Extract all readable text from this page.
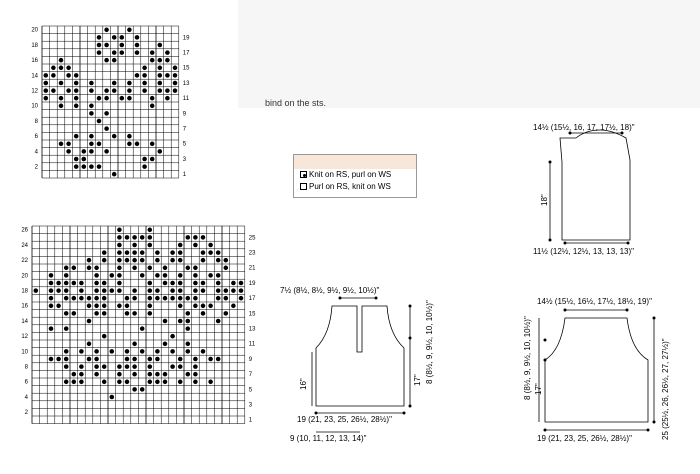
bind on the sts.
19
17
15
13
11
9
7
5
3
1
20
18
16
14
12
10
8
6
4
2
25
23
21
19
17
15
13
11
9
7
5
3
1
26
24
22
20
18
16
14
12
10
8
6
4
2
Knit on RS, purl on WS
Purl on RS, knit on WS
14½ (15½, 16, 17, 17½, 18)"
18"
11½ (12½, 12½, 13, 13, 13)"
7½ (8½, 8½, 9½, 9½, 10½)"
8 (8½, 9, 9½, 10, 10½)"
17"
16"
19 (21, 23, 25, 26½, 28½)"
9 (10, 11, 12, 13, 14)"
14½ (15½, 16½, 17½, 18½, 19)"
8 (8½, 9, 9½, 10, 10½)" 17"	25 (25½, 26, 26½, 27, 27½)"
19 (21, 23, 25, 26½, 28½)"
